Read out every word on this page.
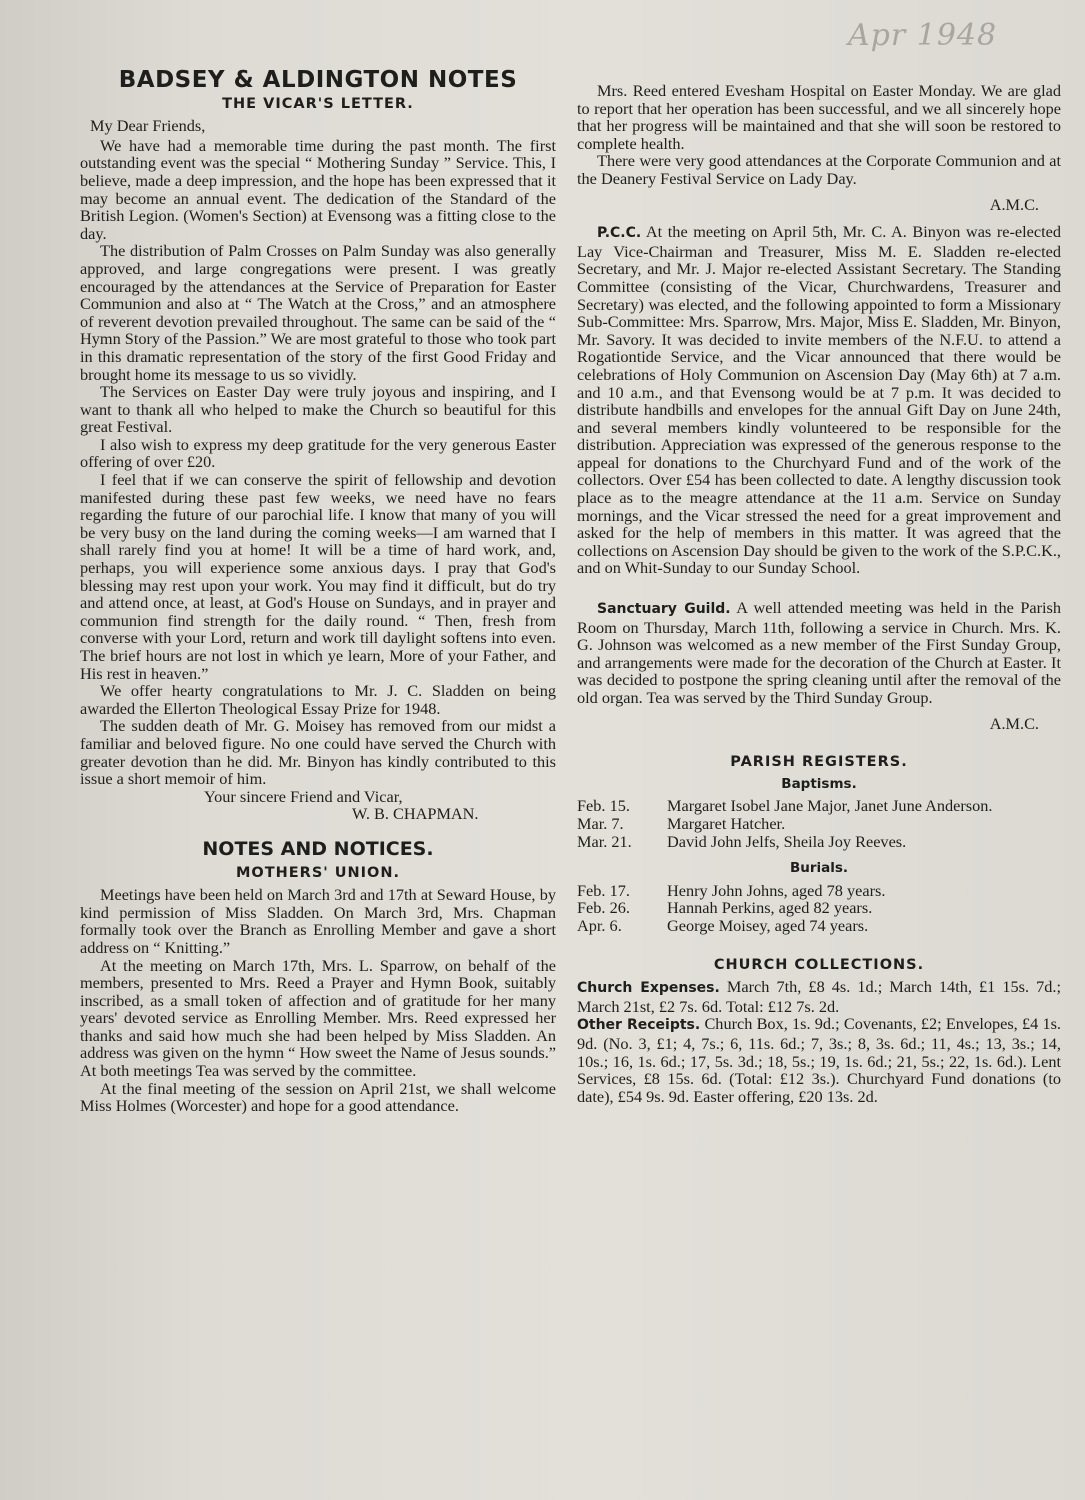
Apr 1948
BADSEY & ALDINGTON NOTES
THE VICAR'S LETTER.

My Dear Friends,

We have had a memorable time during the past month. The first outstanding event was the special “ Mothering Sunday ” Service. This, I believe, made a deep impression, and the hope has been expressed that it may become an annual event. The dedication of the Standard of the British Legion. (Women's Section) at Evensong was a fitting close to the day.

The distribution of Palm Crosses on Palm Sunday was also generally approved, and large congregations were present. I was greatly encouraged by the attendances at the Service of Preparation for Easter Communion and also at “ The Watch at the Cross,” and an atmosphere of reverent devotion prevailed throughout. The same can be said of the “ Hymn Story of the Passion.” We are most grateful to those who took part in this dramatic representation of the story of the first Good Friday and brought home its message to us so vividly.

The Services on Easter Day were truly joyous and inspiring, and I want to thank all who helped to make the Church so beautiful for this great Festival.

I also wish to express my deep gratitude for the very generous Easter offering of over £20.

I feel that if we can conserve the spirit of fellowship and devotion manifested during these past few weeks, we need have no fears regarding the future of our parochial life. I know that many of you will be very busy on the land during the coming weeks—I am warned that I shall rarely find you at home! It will be a time of hard work, and, perhaps, you will experience some anxious days. I pray that God's blessing may rest upon your work. You may find it difficult, but do try and attend once, at least, at God's House on Sundays, and in prayer and communion find strength for the daily round. “ Then, fresh from converse with your Lord, return and work till daylight softens into even. The brief hours are not lost in which ye learn, More of your Father, and His rest in heaven.”

We offer hearty congratulations to Mr. J. C. Sladden on being awarded the Ellerton Theological Essay Prize for 1948.

The sudden death of Mr. G. Moisey has removed from our midst a familiar and beloved figure. No one could have served the Church with greater devotion than he did. Mr. Binyon has kindly contributed to this issue a short memoir of him.

Your sincere Friend and Vicar,

W. B. CHAPMAN.

NOTES AND NOTICES.
MOTHERS' UNION.

Meetings have been held on March 3rd and 17th at Seward House, by kind permission of Miss Sladden. On March 3rd, Mrs. Chapman formally took over the Branch as Enrolling Member and gave a short address on “ Knitting.”

At the meeting on March 17th, Mrs. L. Sparrow, on behalf of the members, presented to Mrs. Reed a Prayer and Hymn Book, suitably inscribed, as a small token of affection and of gratitude for her many years' devoted service as Enrolling Member. Mrs. Reed expressed her thanks and said how much she had been helped by Miss Sladden. An address was given on the hymn “ How sweet the Name of Jesus sounds.” At both meetings Tea was served by the committee.

At the final meeting of the session on April 21st, we shall welcome Miss Holmes (Worcester) and hope for a good attendance.

Mrs. Reed entered Evesham Hospital on Easter Monday. We are glad to report that her operation has been successful, and we all sincerely hope that her progress will be maintained and that she will soon be restored to complete health.

There were very good attendances at the Corporate Communion and at the Deanery Festival Service on Lady Day.

A.M.C.

P.C.C. At the meeting on April 5th, Mr. C. A. Binyon was re-elected Lay Vice-Chairman and Treasurer, Miss M. E. Sladden re-elected Secretary, and Mr. J. Major re-elected Assistant Secretary. The Standing Committee (consisting of the Vicar, Churchwardens, Treasurer and Secretary) was elected, and the following appointed to form a Missionary Sub-Committee: Mrs. Sparrow, Mrs. Major, Miss E. Sladden, Mr. Binyon, Mr. Savory. It was decided to invite members of the N.F.U. to attend a Rogationtide Service, and the Vicar announced that there would be celebrations of Holy Communion on Ascension Day (May 6th) at 7 a.m. and 10 a.m., and that Evensong would be at 7 p.m. It was decided to distribute handbills and envelopes for the annual Gift Day on June 24th, and several members kindly volunteered to be responsible for the distribution. Appreciation was expressed of the generous response to the appeal for donations to the Churchyard Fund and of the work of the collectors. Over £54 has been collected to date. A lengthy discussion took place as to the meagre attendance at the 11 a.m. Service on Sunday mornings, and the Vicar stressed the need for a great improvement and asked for the help of members in this matter. It was agreed that the collections on Ascension Day should be given to the work of the S.P.C.K., and on Whit-Sunday to our Sunday School.

Sanctuary Guild. A well attended meeting was held in the Parish Room on Thursday, March 11th, following a service in Church. Mrs. K. G. Johnson was welcomed as a new member of the First Sunday Group, and arrangements were made for the decoration of the Church at Easter. It was decided to postpone the spring cleaning until after the removal of the old organ. Tea was served by the Third Sunday Group.

A.M.C.

PARISH REGISTERS.
Baptisms.
Feb. 15.	Margaret Isobel Jane Major, Janet June Anderson.
Mar. 7.	Margaret Hatcher.
Mar. 21.	David John Jelfs, Sheila Joy Reeves.
Burials.
Feb. 17.	Henry John Johns, aged 78 years.
Feb. 26.	Hannah Perkins, aged 82 years.
Apr. 6.	George Moisey, aged 74 years.
CHURCH COLLECTIONS.

Church Expenses. March 7th, £8 4s. 1d.; March 14th, £1 15s. 7d.; March 21st, £2 7s. 6d. Total: £12 7s. 2d.

Other Receipts. Church Box, 1s. 9d.; Covenants, £2; Envelopes, £4 1s. 9d. (No. 3, £1; 4, 7s.; 6, 11s. 6d.; 7, 3s.; 8, 3s. 6d.; 11, 4s.; 13, 3s.; 14, 10s.; 16, 1s. 6d.; 17, 5s. 3d.; 18, 5s.; 19, 1s. 6d.; 21, 5s.; 22, 1s. 6d.). Lent Services, £8 15s. 6d. (Total: £12 3s.). Churchyard Fund donations (to date), £54 9s. 9d. Easter offering, £20 13s. 2d.
